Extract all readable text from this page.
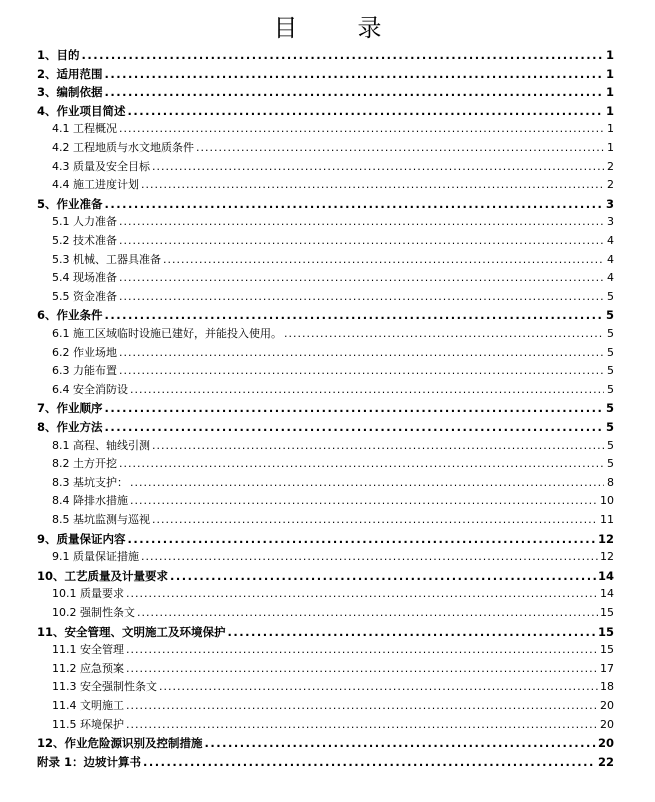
目	录
1、目的 .....	1
2、适用范围 .....	1
3、编制依据 .....	1
4、作业项目简述 .....	1
4.1 工程概况 .....	1
4.2 工程地质与水文地质条件 .....	1
4.3 质量及安全目标 .....	2
4.4 施工进度计划 .....	2
5、作业准备 .....	3
5.1 人力准备 .....	3
5.2 技术准备 .....	4
5.3 机械、工器具准备 .....	4
5.4 现场准备 .....	4
5.5 资金准备 .....	5
6、作业条件 .....	5
6.1 施工区域临时设施已建好，并能投入使用。 .....	5
6.2 作业场地 .....	5
6.3 力能布置 .....	5
6.4 安全消防设 .....	5
7、作业顺序 .....	5
8、作业方法 .....	5
8.1 高程、轴线引测 .....	5
8.2 土方开挖 .....	5
8.3 基坑支护： .....	8
8.4 降排水措施 .....	10
8.5 基坑监测与巡视 .....	11
9、质量保证内容 .....	12
9.1 质量保证措施 .....	12
10、工艺质量及计量要求 .....	14
10.1 质量要求 .....	14
10.2 强制性条文 .....	15
11、安全管理、文明施工及环境保护 .....	15
11.1 安全管理 .....	15
11.2 应急预案 .....	17
11.3 安全强制性条文 .....	18
11.4 文明施工 .....	20
11.5 环境保护 .....	20
12、作业危险源识别及控制措施 .....	20
附录 1：边坡计算书 .....	22
